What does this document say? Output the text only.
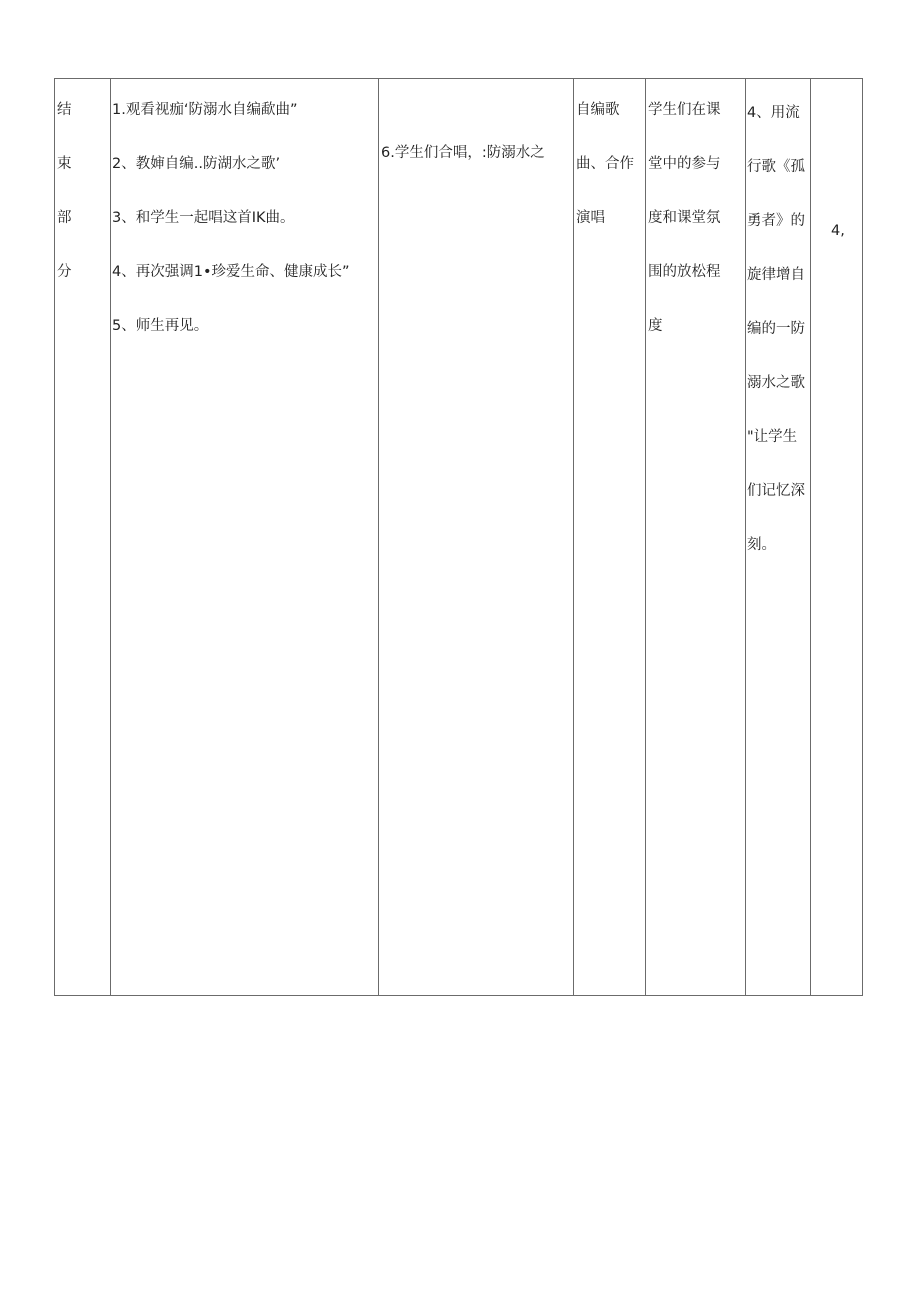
结
束
部
分
1.观看视痂‘防溺水自编歃曲”
2、教婶自编..防湖水之歌’
3、和学生一起唱这首IK曲。
4、再次强调1•珍爱生命、健康成长”
5、师生再见。
6.学生们合唱，:防溺水之
自编歌
曲、合作
演唱
学生们在课
堂中的参与
度和课堂氛
围的放松程
度
4、用流
行歌《孤
勇者》的
旋律增自
编的一防
溺水之歌
"让学生
们记忆深
刻。
4,
